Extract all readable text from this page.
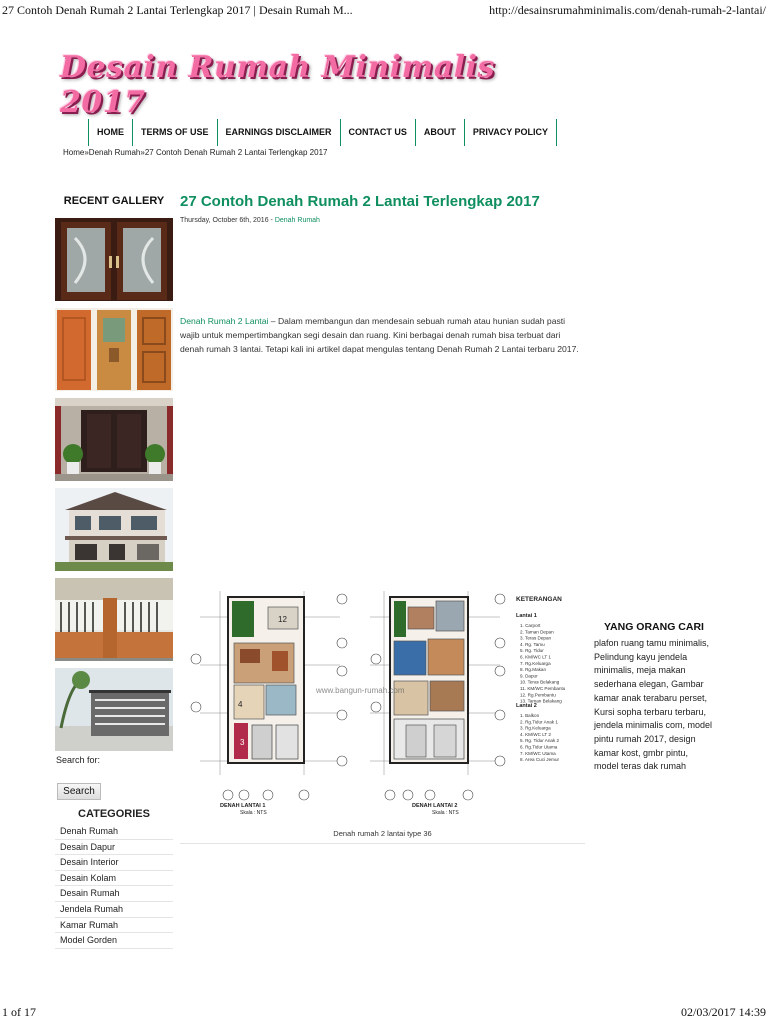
27 Contoh Denah Rumah 2 Lantai Terlengkap 2017 | Desain Rumah M...	http://desainsrumahminimalis.com/denah-rumah-2-lantai/
Desain Rumah Minimalis 2017
HOME	TERMS OF USE	EARNINGS DISCLAIMER	CONTACT US	ABOUT	PRIVACY POLICY
Home»Denah Rumah»27 Contoh Denah Rumah 2 Lantai Terlengkap 2017
RECENT GALLERY
Search for:
Search
CATEGORIES
Denah Rumah
Desain Dapur
Desain Interior
Desain Kolam
Desain Rumah
Jendela Rumah
Kamar Rumah
Model Gorden
27 Contoh Denah Rumah 2 Lantai Terlengkap 2017
Thursday, October 6th, 2016 - Denah Rumah
Denah Rumah 2 Lantai – Dalam membangun dan mendesain sebuah rumah atau hunian sudah pasti wajib untuk mempertimbangkan segi desain dan ruang. Kini berbagai denah rumah bisa terbuat dari denah rumah 3 lantai. Tetapi kali ini artikel dapat mengulas tentang Denah Rumah 2 Lantai terbaru 2017.
12
4
3
DENAH LANTAI 1
Skala : NTS
DENAH LANTAI 2
Skala : NTS
www.bangun-rumah.com
KETERANGAN
Lantai 1
1. Carport
2. Taman Depan
3. Teras Depan
4. Rg. Tamu
5. Rg. Tidur
6. KM/WC LT 1
7. Rg.Keluarga
8. Rg.Makan
9. Dapur
10. Teras Belakang
11. KM/WC Pembantu
12. Rg.Pembantu
13. Taman Belakang
Lantai 2
1. Balkon
2. Rg.Tidur Anak 1
3. Rg.Keluarga
4. KM/WC LT 2
5. Rg. Tidur Anak 2
6. Rg.Tidur Utama
7. KM/WC Utama
8. Area Cuci Jemur
Denah rumah 2 lantai type 36
YANG ORANG CARI
plafon ruang tamu minimalis, Pelindung kayu jendela minimalis, meja makan sederhana elegan, Gambar kamar anak terabaru perset, Kursi sopha terbaru terbaru, jendela minimalis com, model pintu rumah 2017, design kamar kost, gmbr pintu, model teras dak rumah
1 of 17	02/03/2017 14:39
